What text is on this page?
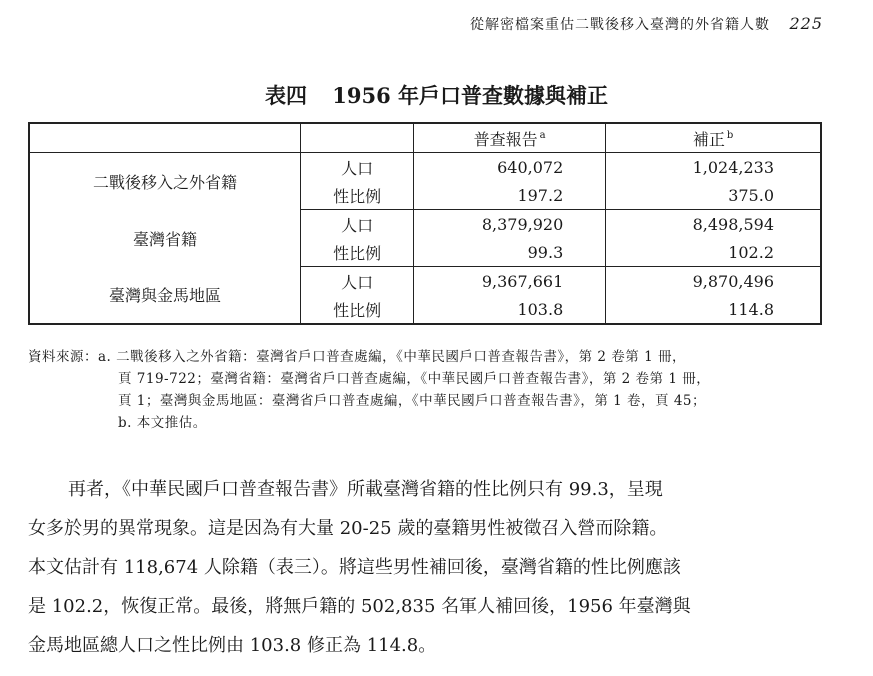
從解密檔案重估二戰後移入臺灣的外省籍人數 225
表四 1956 年戶口普查數據與補正
		普查報告 $^a$	補正 $^b$
二戰後移入之外省籍	人口	640,072	1,024,233
	性比例	197.2	375.0
臺灣省籍	人口	8,379,920	8,498,594
	性比例	99.3	102.2
臺灣與金馬地區	人口	9,367,661	9,870,496
	性比例	103.8	114.8
資料來源：a. 二戰後移入之外省籍：臺灣省戶口普查處編，《中華民國戶口普查報告書》，第 2 卷第 1 冊，
頁 719-722；臺灣省籍：臺灣省戶口普查處編，《中華民國戶口普查報告書》，第 2 卷第 1 冊，
頁 1；臺灣與金馬地區：臺灣省戶口普查處編，《中華民國戶口普查報告書》，第 1 卷，頁 45；
b. 本文推估。
再者，《中華民國戶口普查報告書》所載臺灣省籍的性比例只有 99.3，呈現
女多於男的異常現象。這是因為有大量 20-25 歲的臺籍男性被徵召入營而除籍。
本文估計有 118,674 人除籍（表三）。將這些男性補回後，臺灣省籍的性比例應該
是 102.2，恢復正常。最後，將無戶籍的 502,835 名軍人補回後，1956 年臺灣與
金馬地區總人口之性比例由 103.8 修正為 114.8。
